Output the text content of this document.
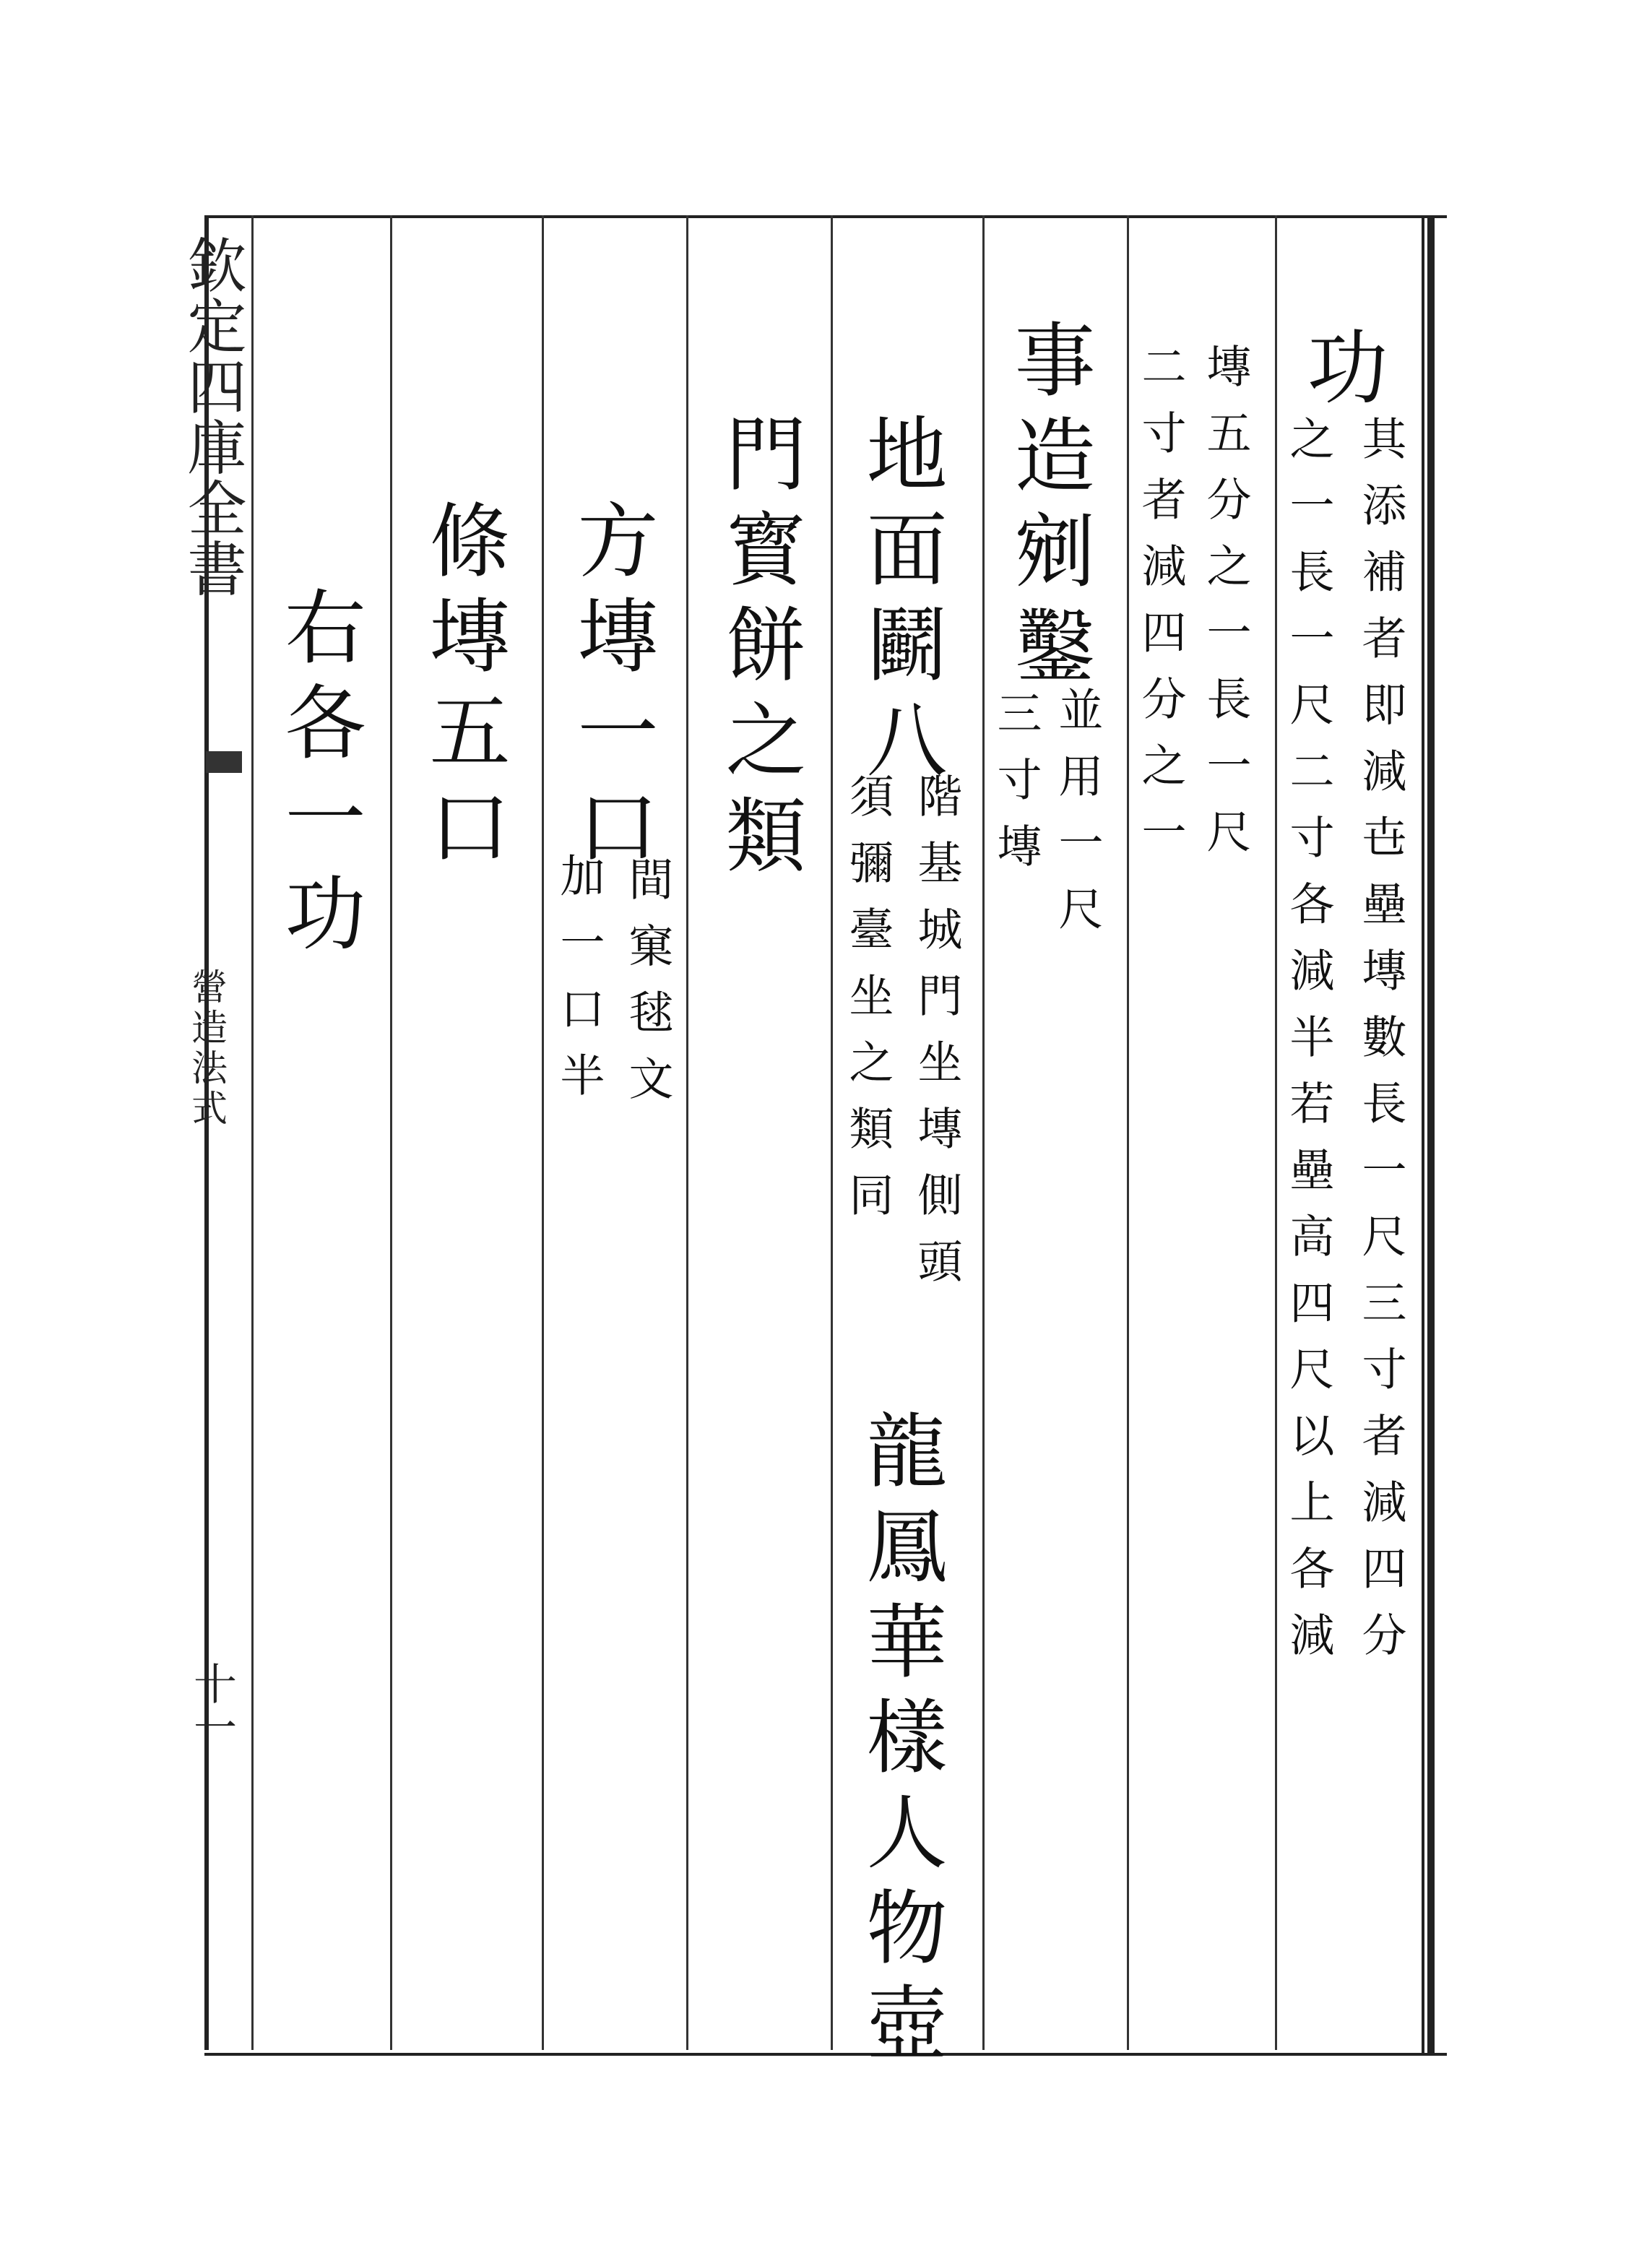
欽定四庫全書
營造法式
十一
功
其添補者即減㔺壘塼數長一尺三寸者減四分
之一長一尺二寸各減半若壘高四尺以上各減
塼五分之一長一尺
二寸者減四分之一
事造剜鑿
並用一尺
三寸塼
地面鬬八
階基城門坐塼側頭
須彌臺坐之類同
龍鳳華樣人物壺
門寳餅之類
方塼一口
間窠毬文
加一口半
條塼五口
右各一功
